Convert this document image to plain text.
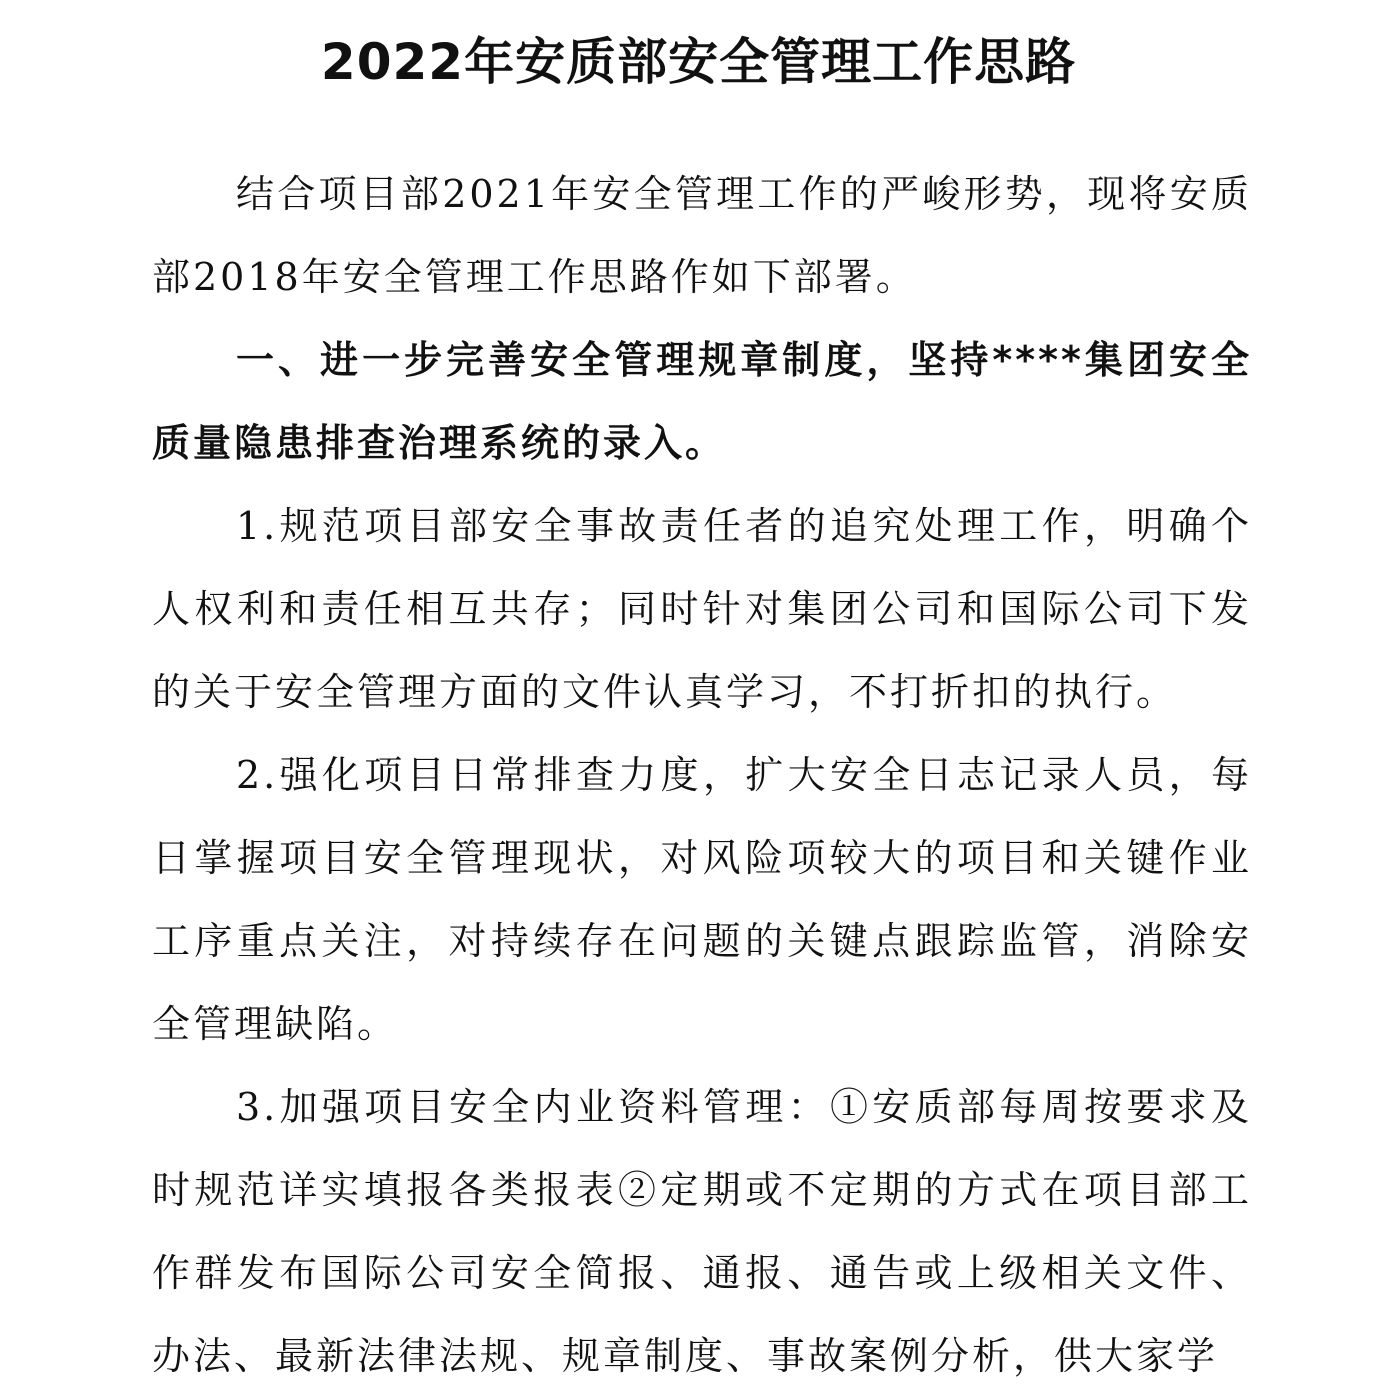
2022年安质部安全管理工作思路

结合项目部2021年安全管理工作的严峻形势，现将安质部2018年安全管理工作思路作如下部署。

一、进一步完善安全管理规章制度，坚持****集团安全质量隐患排查治理系统的录入。

1.规范项目部安全事故责任者的追究处理工作，明确个人权利和责任相互共存；同时针对集团公司和国际公司下发的关于安全管理方面的文件认真学习，不打折扣的执行。

2.强化项目日常排查力度，扩大安全日志记录人员，每日掌握项目安全管理现状，对风险项较大的项目和关键作业工序重点关注，对持续存在问题的关键点跟踪监管，消除安全管理缺陷。

3.加强项目安全内业资料管理：①安质部每周按要求及时规范详实填报各类报表②定期或不定期的方式在项目部工作群发布国际公司安全简报、通报、通告或上级相关文件、办法、最新法律法规、规章制度、事故案例分析，供大家学
